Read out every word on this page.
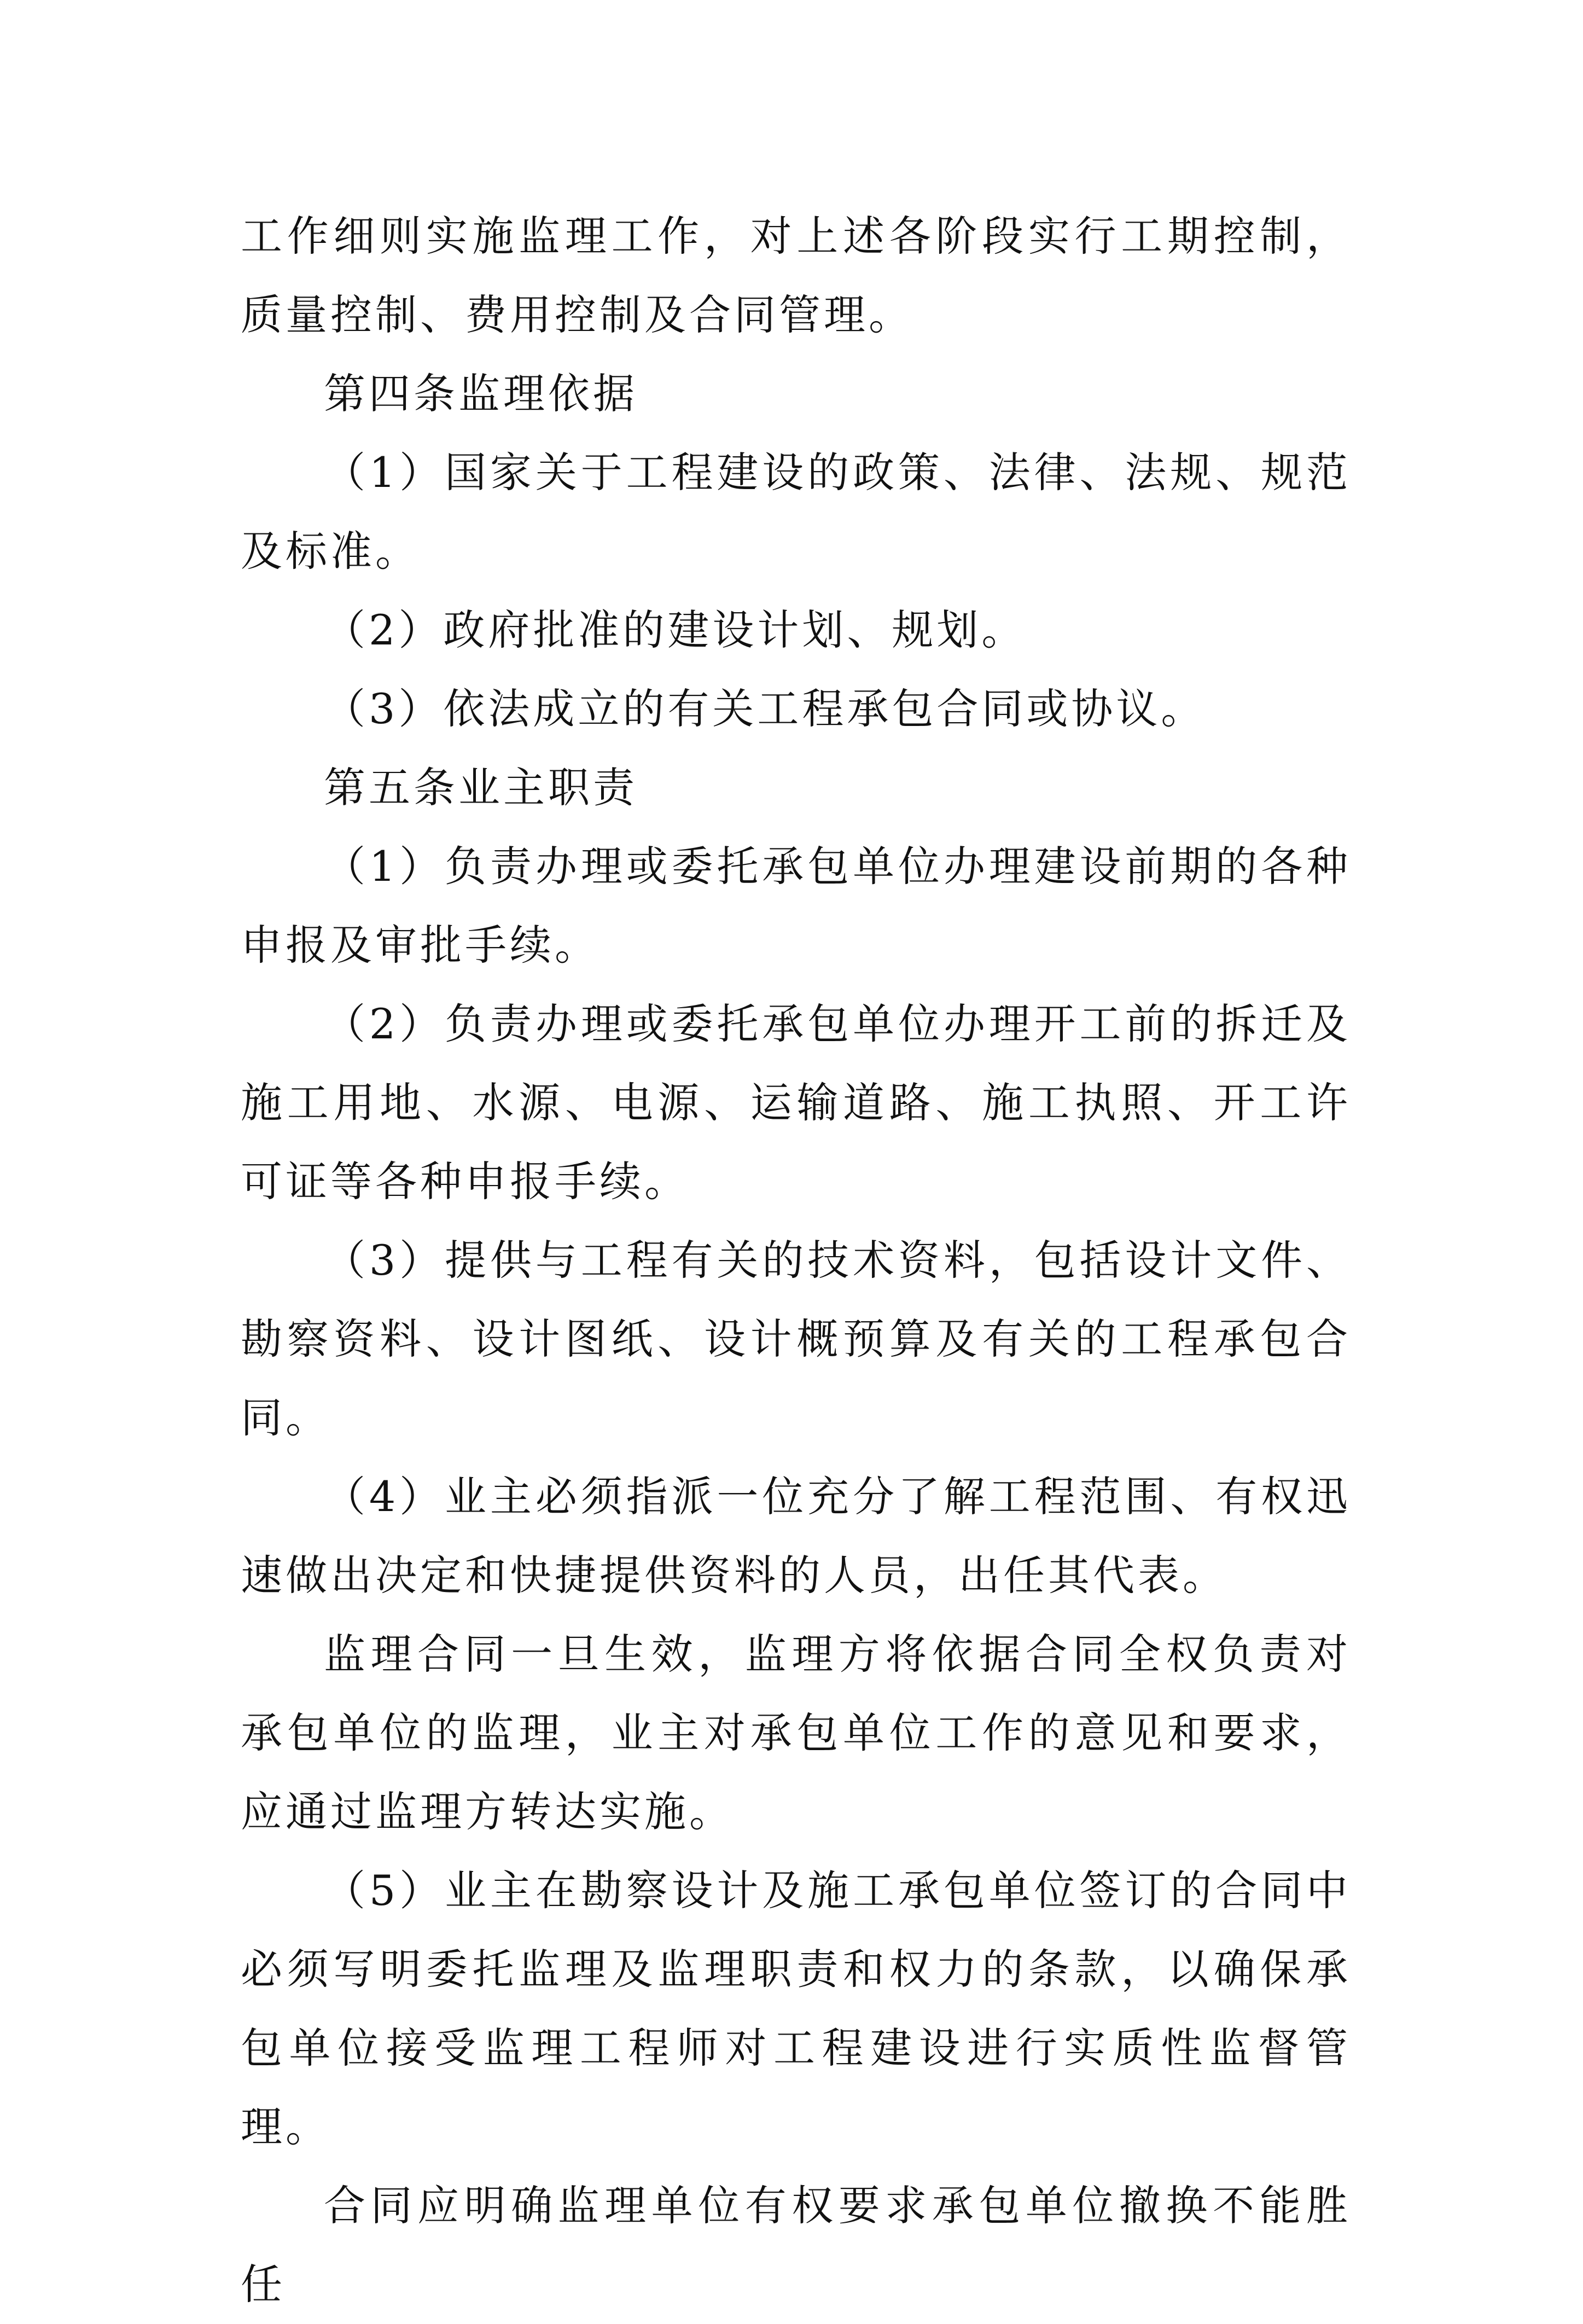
工作细则实施监理工作，对上述各阶段实行工期控制，质量控制、费用控制及合同管理。

第四条监理依据

（1）国家关于工程建设的政策、法律、法规、规范及标准。

（2）政府批准的建设计划、规划。

（3）依法成立的有关工程承包合同或协议。

第五条业主职责

（1）负责办理或委托承包单位办理建设前期的各种申报及审批手续。

（2）负责办理或委托承包单位办理开工前的拆迁及施工用地、水源、电源、运输道路、施工执照、开工许可证等各种申报手续。

（3）提供与工程有关的技术资料，包括设计文件、勘察资料、设计图纸、设计概预算及有关的工程承包合同。

（4）业主必须指派一位充分了解工程范围、有权迅速做出决定和快捷提供资料的人员，出任其代表。

监理合同一旦生效，监理方将依据合同全权负责对承包单位的监理，业主对承包单位工作的意见和要求，应通过监理方转达实施。

（5）业主在勘察设计及施工承包单位签订的合同中必须写明委托监理及监理职责和权力的条款，以确保承包单位接受监理工程师对工程建设进行实质性监督管理。

合同应明确监理单位有权要求承包单位撤换不能胜任
